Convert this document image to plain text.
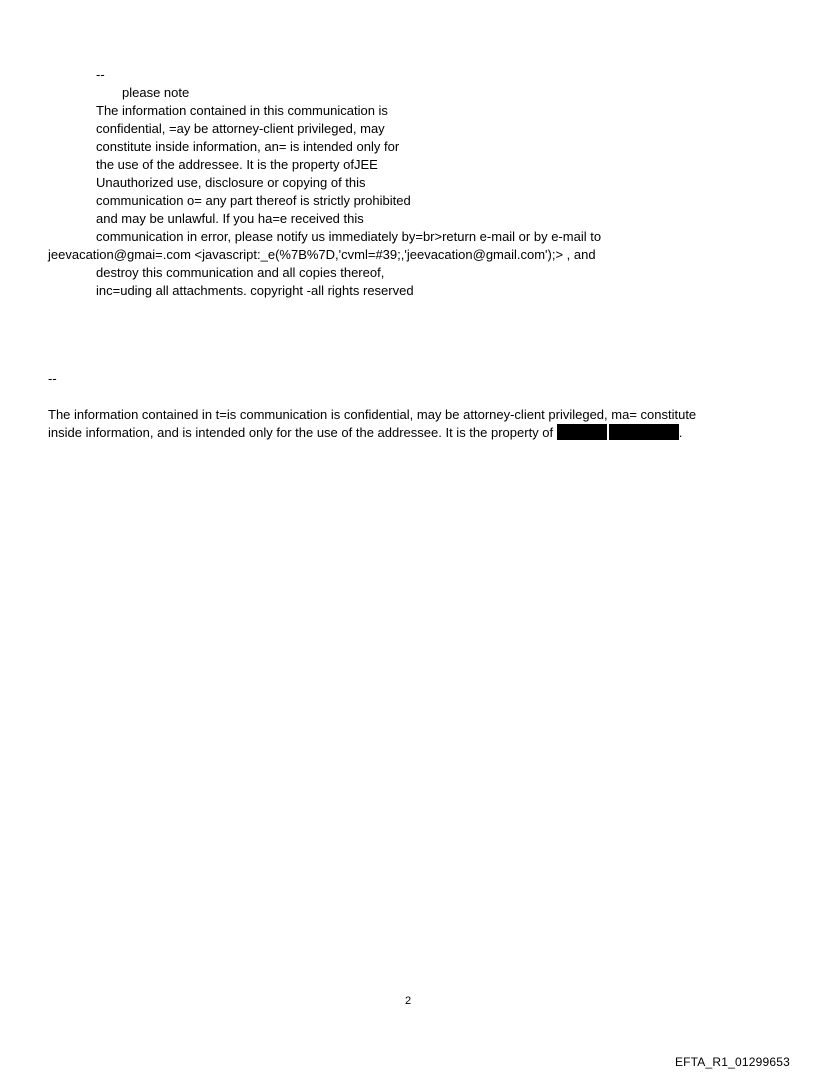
--
please note
The information contained in this communication is
confidential, =ay be attorney-client privileged, may
constitute inside information, an= is intended only for
the use of the addressee. It is the property ofJEE
Unauthorized use, disclosure or copying of this
communication o= any part thereof is strictly prohibited
and may be unlawful. If you ha=e received this
communication in error, please notify us immediately by=br>return e-mail or by e-mail to
jeevacation@gmai=.com <javascript:_e(%7B%7D,'cvml=#39;,'jeevacation@gmail.com');> , and
destroy this communication and all copies thereof,
inc=uding all attachments. copyright -all rights reserved
--
The information contained in t=is communication is confidential, may be attorney-client privileged, ma= constitute
inside information, and is intended only for the use of the addressee. It is the property of	.
2
EFTA_R1_01299653
